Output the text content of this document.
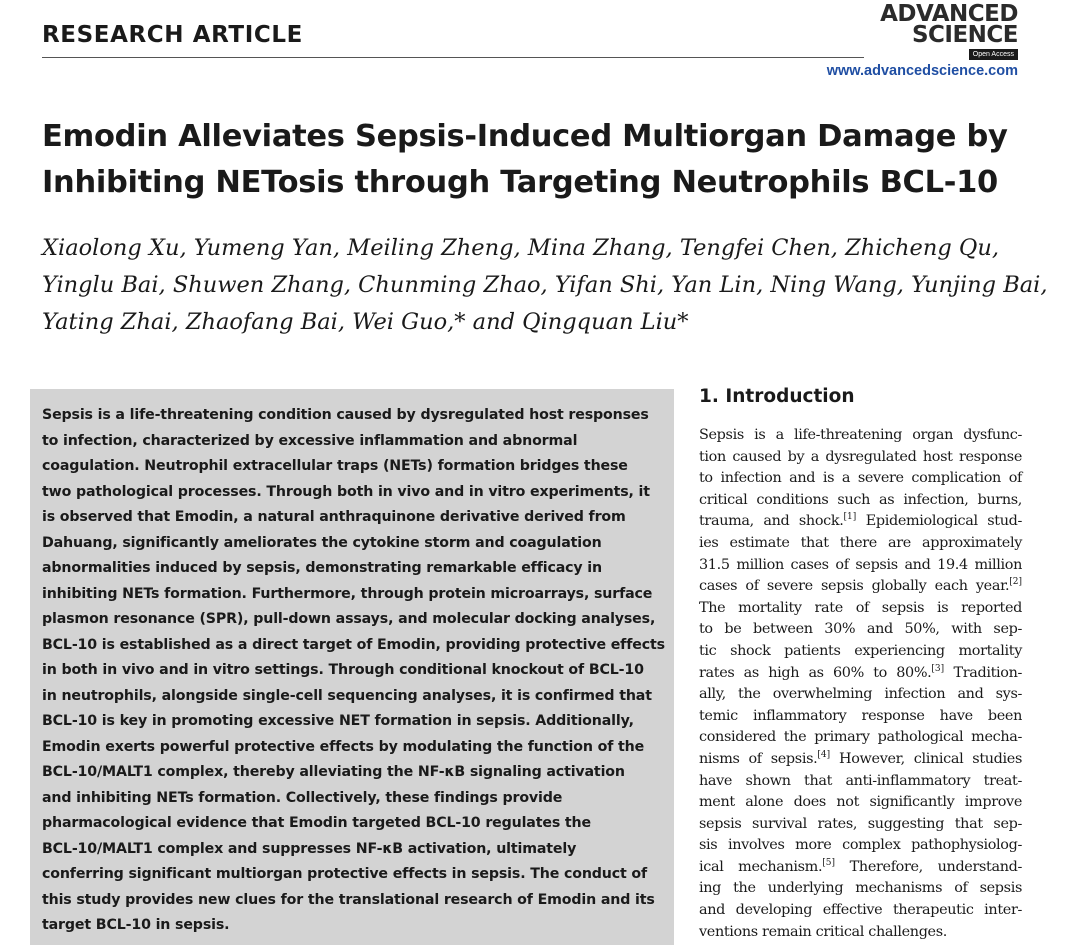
RESEARCH ARTICLE
ADVANCED
SCIENCE
Open Access
www.advancedscience.com
Emodin Alleviates Sepsis-Induced Multiorgan Damage by
Inhibiting NETosis through Targeting Neutrophils BCL-10
Xiaolong Xu, Yumeng Yan, Meiling Zheng, Mina Zhang, Tengfei Chen, Zhicheng Qu,
Yinglu Bai, Shuwen Zhang, Chunming Zhao, Yifan Shi, Yan Lin, Ning Wang, Yunjing Bai,
Yating Zhai, Zhaofang Bai, Wei Guo,* and Qingquan Liu*
Sepsis is a life-threatening condition caused by dysregulated host responses
to infection, characterized by excessive inflammation and abnormal
coagulation. Neutrophil extracellular traps (NETs) formation bridges these
two pathological processes. Through both in vivo and in vitro experiments, it
is observed that Emodin, a natural anthraquinone derivative derived from
Dahuang, significantly ameliorates the cytokine storm and coagulation
abnormalities induced by sepsis, demonstrating remarkable efficacy in
inhibiting NETs formation. Furthermore, through protein microarrays, surface
plasmon resonance (SPR), pull-down assays, and molecular docking analyses,
BCL-10 is established as a direct target of Emodin, providing protective effects
in both in vivo and in vitro settings. Through conditional knockout of BCL-10
in neutrophils, alongside single-cell sequencing analyses, it is confirmed that
BCL-10 is key in promoting excessive NET formation in sepsis. Additionally,
Emodin exerts powerful protective effects by modulating the function of the
BCL-10/MALT1 complex, thereby alleviating the NF-κB signaling activation
and inhibiting NETs formation. Collectively, these findings provide
pharmacological evidence that Emodin targeted BCL-10 regulates the
BCL-10/MALT1 complex and suppresses NF-κB activation, ultimately
conferring significant multiorgan protective effects in sepsis. The conduct of
this study provides new clues for the translational research of Emodin and its
target BCL-10 in sepsis.
1. Introduction
Sepsis is a life-threatening organ dysfunc-
tion caused by a dysregulated host response
to infection and is a severe complication of
critical conditions such as infection, burns,
trauma, and shock.[1] Epidemiological stud-
ies estimate that there are approximately
31.5 million cases of sepsis and 19.4 million
cases of severe sepsis globally each year.[2]
The mortality rate of sepsis is reported
to be between 30% and 50%, with sep-
tic shock patients experiencing mortality
rates as high as 60% to 80%.[3] Tradition-
ally, the overwhelming infection and sys-
temic inflammatory response have been
considered the primary pathological mecha-
nisms of sepsis.[4] However, clinical studies
have shown that anti-inflammatory treat-
ment alone does not significantly improve
sepsis survival rates, suggesting that sep-
sis involves more complex pathophysiolog-
ical mechanism.[5] Therefore, understand-
ing the underlying mechanisms of sepsis
and developing effective therapeutic inter-
ventions remain critical challenges.
